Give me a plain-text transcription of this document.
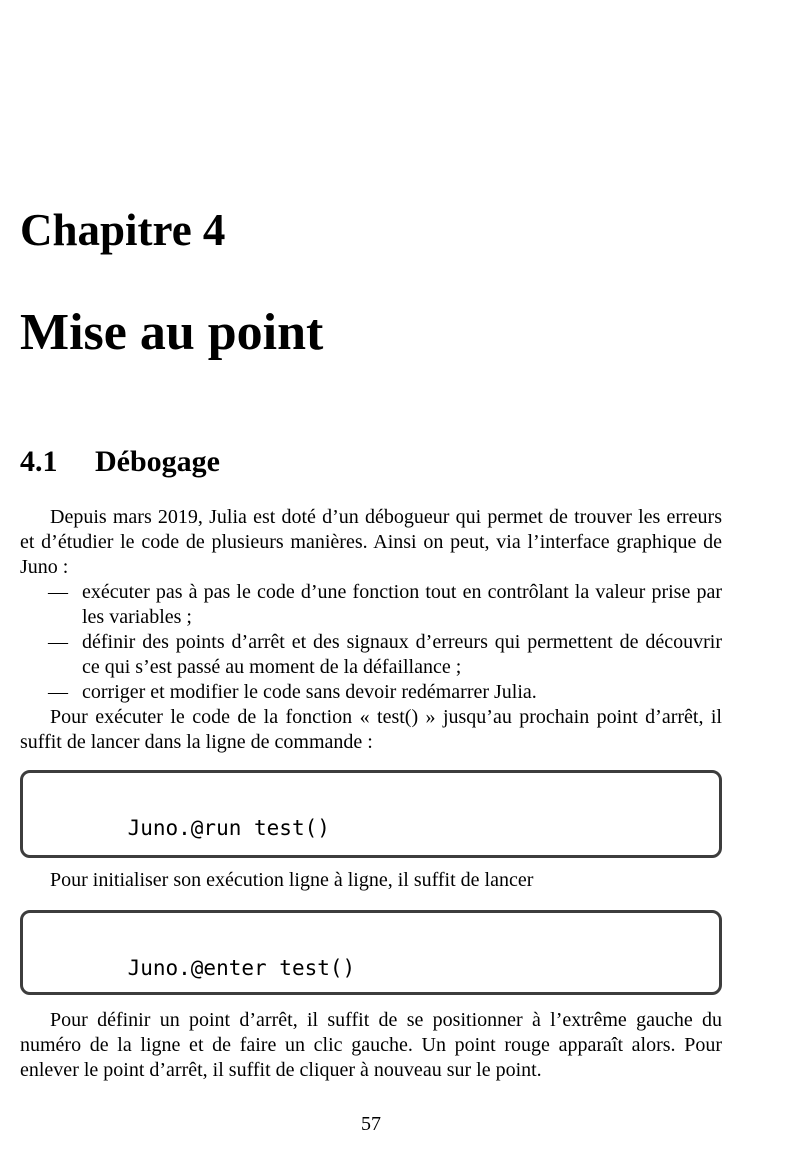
Chapitre 4
Mise au point
4.1 Débogage
Depuis mars 2019, Julia est doté d’un débogueur qui permet de trouver les erreurs et d’étudier le code de plusieurs manières. Ainsi on peut, via l’interface graphique de Juno :
— exécuter pas à pas le code d’une fonction tout en contrôlant la valeur prise par les variables ;
— définir des points d’arrêt et des signaux d’erreurs qui permettent de découvrir ce qui s’est passé au moment de la défaillance ;
— corriger et modifier le code sans devoir redémarrer Julia.
Pour exécuter le code de la fonction « test() » jusqu’au prochain point d’arrêt, il suffit de lancer dans la ligne de commande :

Juno.@run test()

Pour initialiser son exécution ligne à ligne, il suffit de lancer

Juno.@enter test()

Pour définir un point d’arrêt, il suffit de se positionner à l’extrême gauche du numéro de la ligne et de faire un clic gauche. Un point rouge apparaît alors. Pour enlever le point d’arrêt, il suffit de cliquer à nouveau sur le point.
57
